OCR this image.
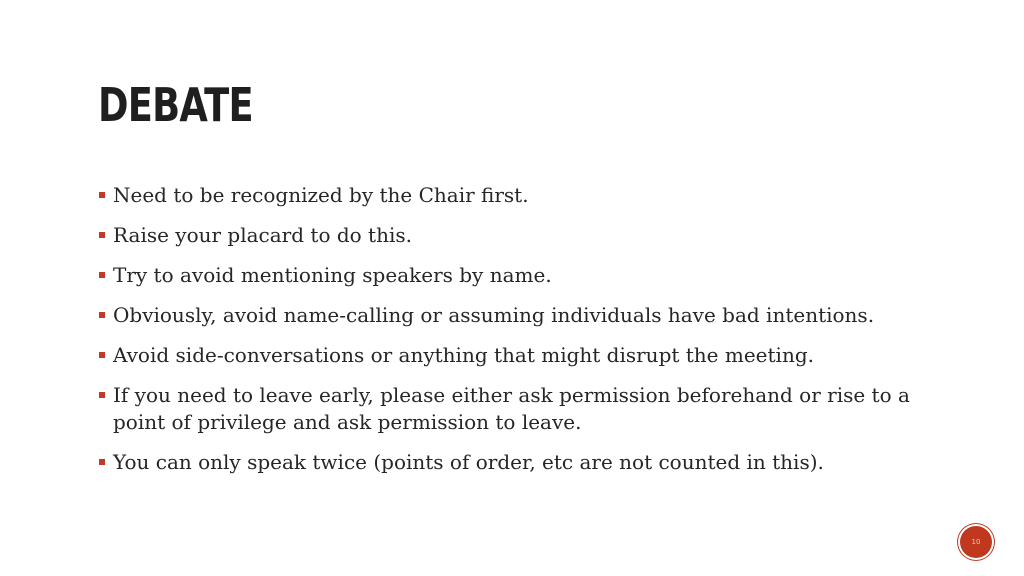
DEBATE
Need to be recognized by the Chair first.
Raise your placard to do this.
Try to avoid mentioning speakers by name.
Obviously, avoid name-calling or assuming individuals have bad intentions.
Avoid side-conversations or anything that might disrupt the meeting.
If you need to leave early, please either ask permission beforehand or rise to a point of privilege and ask permission to leave.
You can only speak twice (points of order, etc are not counted in this).
10
